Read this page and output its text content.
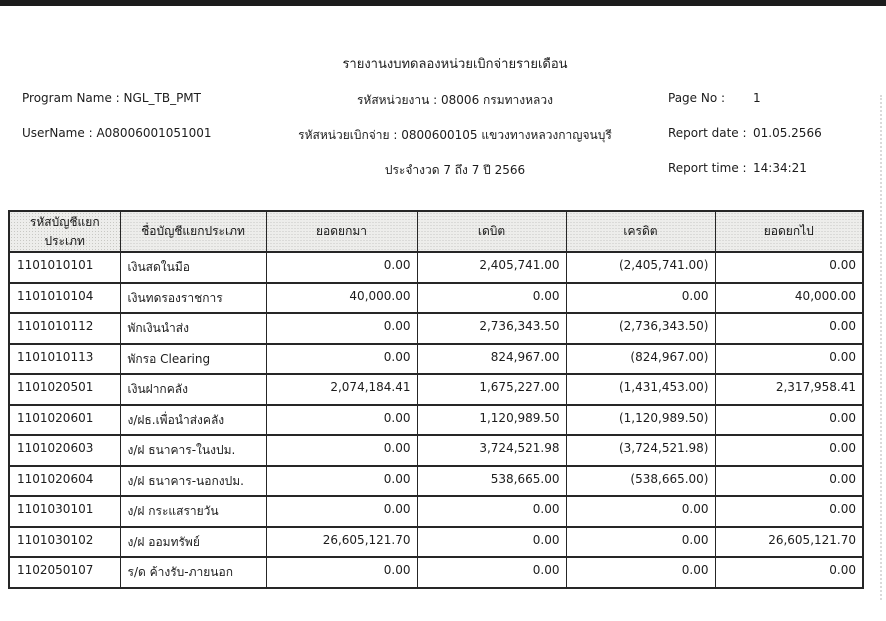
รายงานงบทดลองหน่วยเบิกจ่ายรายเดือน
Program Name : NGL_TB_PMT
UserName : A08006001051001
รหัสหน่วยงาน : 08006 กรมทางหลวง
รหัสหน่วยเบิกจ่าย : 0800600105 แขวงทางหลวงกาญจนบุรี
ประจำงวด 7 ถึง 7 ปี 2566
Page No : 1
Report date : 01.05.2566
Report time : 14:34:21
รหัสบัญชีแยกประเภท	ชื่อบัญชีแยกประเภท	ยอดยกมา	เดบิต	เครดิต	ยอดยกไป
1101010101	เงินสดในมือ	0.00	2,405,741.00	(2,405,741.00)	0.00
1101010104	เงินทดรองราชการ	40,000.00	0.00	0.00	40,000.00
1101010112	พักเงินนำส่ง	0.00	2,736,343.50	(2,736,343.50)	0.00
1101010113	พักรอ Clearing	0.00	824,967.00	(824,967.00)	0.00
1101020501	เงินฝากคลัง	2,074,184.41	1,675,227.00	(1,431,453.00)	2,317,958.41
1101020601	ง/ฝธ.เพื่อนำส่งคลัง	0.00	1,120,989.50	(1,120,989.50)	0.00
1101020603	ง/ฝ ธนาคาร-ในงปม.	0.00	3,724,521.98	(3,724,521.98)	0.00
1101020604	ง/ฝ ธนาคาร-นอกงปม.	0.00	538,665.00	(538,665.00)	0.00
1101030101	ง/ฝ กระแสรายวัน	0.00	0.00	0.00	0.00
1101030102	ง/ฝ ออมทรัพย์	26,605,121.70	0.00	0.00	26,605,121.70
1102050107	ร/ด ค้างรับ-ภายนอก	0.00	0.00	0.00	0.00
